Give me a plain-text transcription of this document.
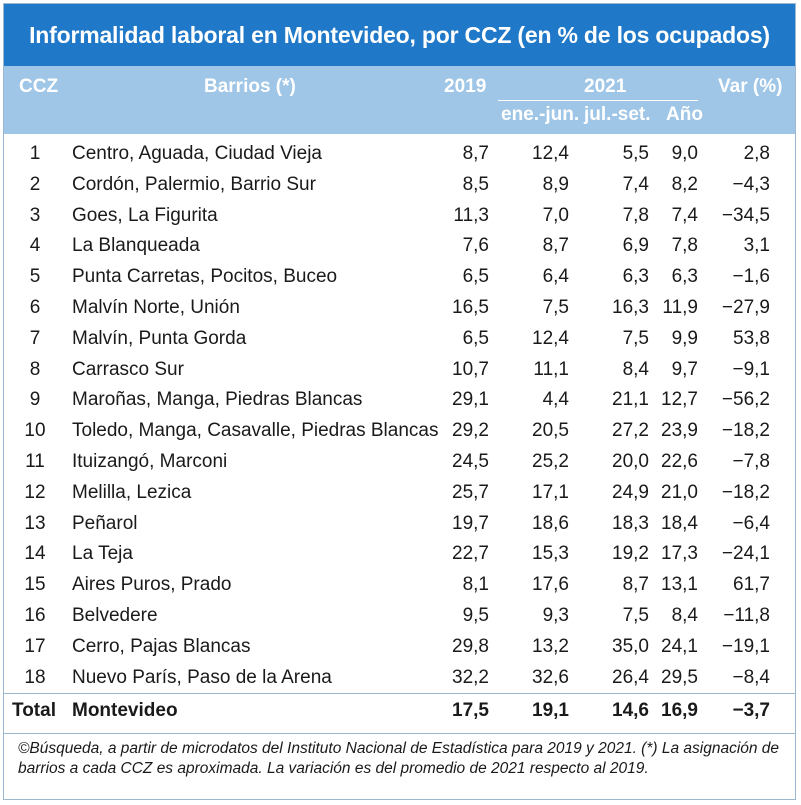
Informalidad laboral en Montevideo, por CCZ (en % de los ocupados)
CCZ	Barrios (*)	2019	2021	Var (%)
ene.-jun. jul.-set. Año
1	Centro, Aguada, Ciudad Vieja	8,7 12,4	5,5 9,0 2,8
2	Cordón, Palermio, Barrio Sur	8,5	8,9	7,4 8,2 −4,3
3	Goes, La Figurita	11,3	7,0	7,8 7,4 −34,5
4	La Blanqueada	7,6	8,7	6,9 7,8 3,1
5	Punta Carretas, Pocitos, Buceo	6,5	6,4	6,3 6,3 −1,6
6	Malvín Norte, Unión	16,5	7,5 16,3 11,9 −27,9
7	Malvín, Punta Gorda	6,5 12,4	7,5 9,9 53,8
8	Carrasco Sur	10,7 11,1	8,4 9,7 −9,1
9	Maroñas, Manga, Piedras Blancas	29,1	4,4 21,1 12,7 −56,2
10	Toledo, Manga, Casavalle, Piedras Blancas 29,2 20,5 27,2 23,9 −18,2
11	Ituizangó, Marconi	24,5 25,2 20,0 22,6 −7,8
12	Melilla, Lezica	25,7 17,1 24,9 21,0 −18,2
13	Peñarol	19,7 18,6 18,3 18,4 −6,4
14	La Teja	22,7 15,3 19,2 17,3 −24,1
15	Aires Puros, Prado	8,1 17,6	8,7 13,1 61,7
16	Belvedere	9,5	9,3	7,5 8,4 −11,8
17	Cerro, Pajas Blancas	29,8 13,2 35,0 24,1 −19,1
18	Nuevo París, Paso de la Arena	32,2 32,6 26,4 29,5 −8,4
Total Montevideo	17,5 19,1 14,6 16,9 −3,7
©Búsqueda, a partir de microdatos del Instituto Nacional de Estadística para 2019 y 2021. (*) La asignación de barrios a cada CCZ es aproximada. La variación es del promedio de 2021 respecto al 2019.
